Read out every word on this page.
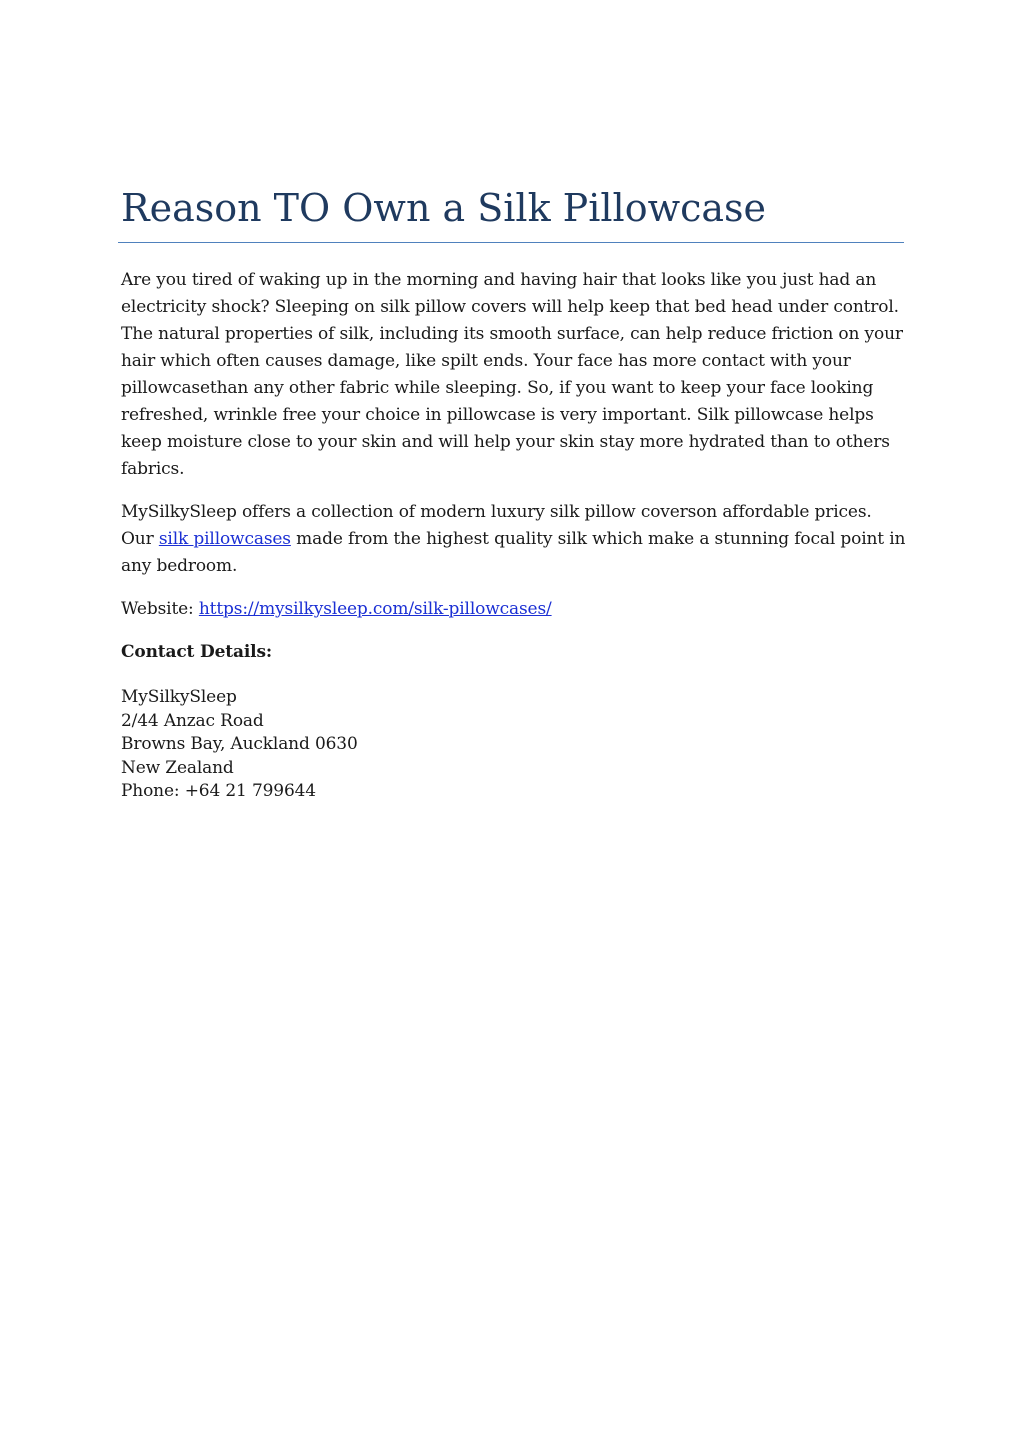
Reason TO Own a Silk Pillowcase

Are you tired of waking up in the morning and having hair that looks like you just had an electricity shock? Sleeping on silk pillow covers will help keep that bed head under control. The natural properties of silk, including its smooth surface, can help reduce friction on your hair which often causes damage, like spilt ends. Your face has more contact with your pillowcasethan any other fabric while sleeping. So, if you want to keep your face looking refreshed, wrinkle free your choice in pillowcase is very important. Silk pillowcase helps keep moisture close to your skin and will help your skin stay more hydrated than to others fabrics.

MySilkySleep offers a collection of modern luxury silk pillow coverson affordable prices. Our silk pillowcases made from the highest quality silk which make a stunning focal point in any bedroom.

Website: https://mysilkysleep.com/silk-pillowcases/

Contact Details:

MySilkySleep
2/44 Anzac Road
Browns Bay, Auckland 0630
New Zealand
Phone: +64 21 799644
